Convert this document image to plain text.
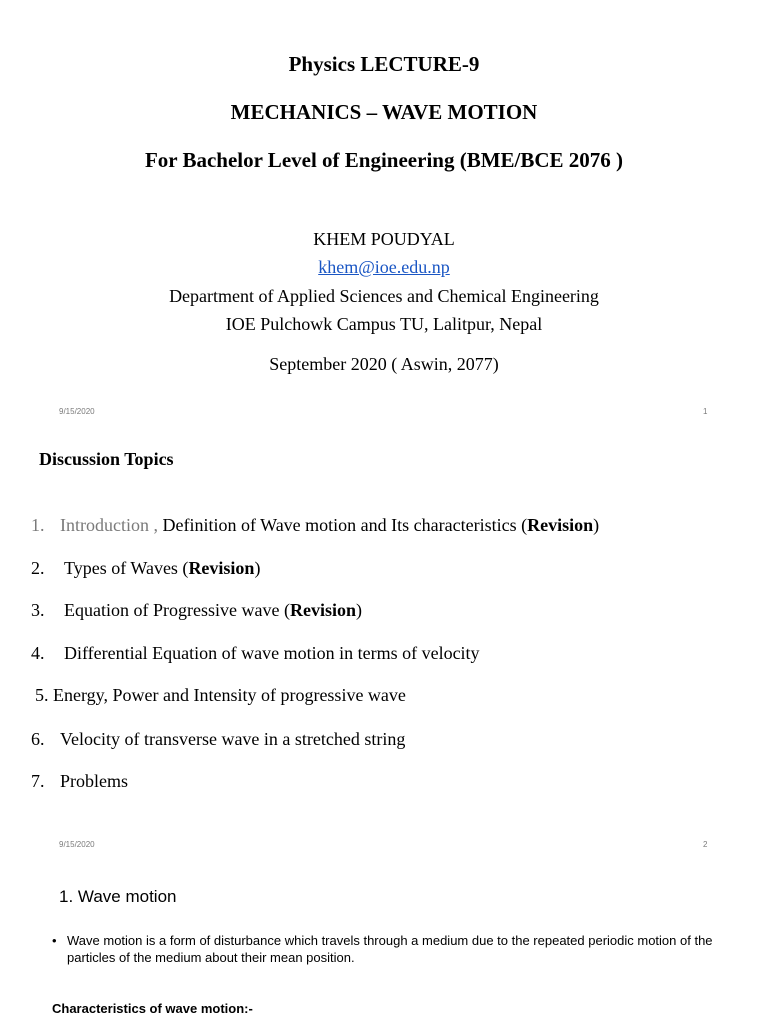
Physics LECTURE-9
MECHANICS – WAVE MOTION
For Bachelor Level of Engineering (BME/BCE 2076 )
KHEM POUDYAL
khem@ioe.edu.np
Department of Applied Sciences and Chemical Engineering
IOE Pulchowk Campus TU, Lalitpur, Nepal
September 2020 ( Aswin, 2077)
9/15/2020	1
Discussion Topics
1. Introduction , Definition of Wave motion and Its characteristics (Revision)
2. Types of Waves (Revision)
3. Equation of Progressive wave (Revision)
4. Differential Equation of wave motion in terms of velocity
5. Energy, Power and Intensity of progressive wave
6. Velocity of transverse wave in a stretched string
7. Problems
9/15/2020	2
1. Wave motion
• Wave motion is a form of disturbance which travels through a medium due to the repeated periodic motion of the particles of the medium about their mean position.
Characteristics of wave motion:-
